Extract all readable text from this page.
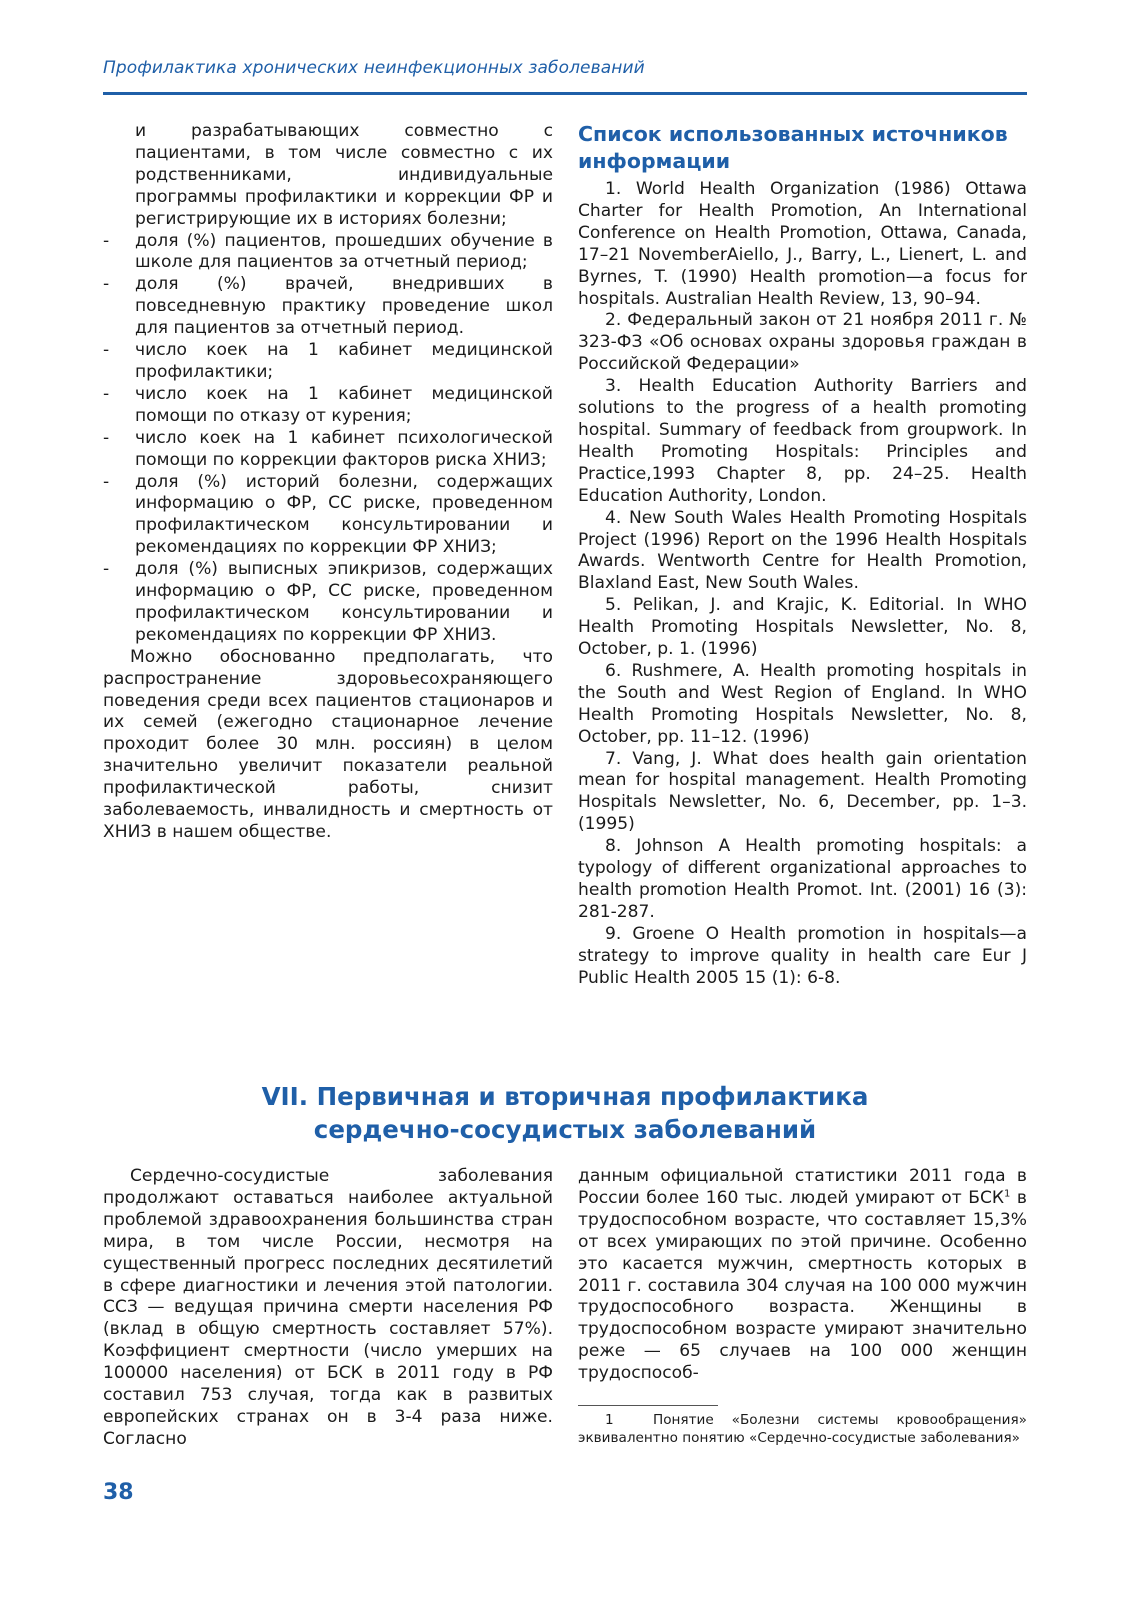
Профилактика хронических неинфекционных заболеваний

и разрабатывающих совместно с пациентами, в том числе совместно с их родственниками, индивидуальные программы профилактики и коррекции ФР и регистрирующие их в историях болезни;

- доля (%) пациентов, прошедших обучение в школе для пациентов за отчетный период;
- доля (%) врачей, внедривших в повседневную практику проведение школ для пациентов за отчетный период.
- число коек на 1 кабинет медицинской профилактики;
- число коек на 1 кабинет медицинской помощи по отказу от курения;
- число коек на 1 кабинет психологической помощи по коррекции факторов риска ХНИЗ;
- доля (%) историй болезни, содержащих информацию о ФР, СС риске, проведенном профилактическом консультировании и рекомендациях по коррекции ФР ХНИЗ;
- доля (%) выписных эпикризов, содержащих информацию о ФР, СС риске, проведенном профилактическом консультировании и рекомендациях по коррекции ФР ХНИЗ.

Можно обоснованно предполагать, что распространение здоровьесохраняющего поведения среди всех пациентов стационаров и их семей (ежегодно стационарное лечение проходит более 30 млн. россиян) в целом значительно увеличит показатели реальной профилактической работы, снизит заболеваемость, инвалидность и смертность от ХНИЗ в нашем обществе.

Список использованных источников информации
1. World Health Organization (1986) Ottawa Charter for Health Promotion, An International Conference on Health Promotion, Ottawa, Canada, 17–21 NovemberAiello, J., Barry, L., Lienert, L. and Byrnes, T. (1990) Health promotion—a focus for hospitals. Australian Health Review, 13, 90–94.
2. Федеральный закон от 21 ноября 2011 г. № 323-ФЗ «Об основах охраны здоровья граждан в Российской Федерации»
3. Health Education Authority Barriers and solutions to the progress of a health promoting hospital. Summary of feedback from groupwork. In Health Promoting Hospitals: Principles and Practice,1993 Chapter 8, pp. 24–25. Health Education Authority, London.
4. New South Wales Health Promoting Hospitals Project (1996) Report on the 1996 Health Hospitals Awards. Wentworth Centre for Health Promotion, Blaxland East, New South Wales.
5. Pelikan, J. and Krajic, K. Editorial. In WHO Health Promoting Hospitals Newsletter, No. 8, October, p. 1. (1996)
6. Rushmere, A. Health promoting hospitals in the South and West Region of England. In WHO Health Promoting Hospitals Newsletter, No. 8, October, pp. 11–12. (1996)
7. Vang, J. What does health gain orientation mean for hospital management. Health Promoting Hospitals Newsletter, No. 6, December, pp. 1–3. (1995)
8. Johnson A Health promoting hospitals: a typology of different organizational approaches to health promotion Health Promot. Int. (2001) 16 (3): 281-287.
9. Groene O Health promotion in hospitals—a strategy to improve quality in health care Eur J Public Health 2005 15 (1): 6-8.
VII. Первичная и вторичная профилактика
сердечно-сосудистых заболеваний

Сердечно-сосудистые заболевания продолжают оставаться наиболее актуальной проблемой здравоохранения большинства стран мира, в том числе России, несмотря на существенный прогресс последних десятилетий в сфере диагностики и лечения этой патологии. ССЗ — ведущая причина смерти населения РФ (вклад в общую смертность составляет 57%). Коэффициент смертности (число умерших на 100000 населения) от БСК в 2011 году в РФ составил 753 случая, тогда как в развитых европейских странах он в 3-4 раза ниже. Согласно

данным официальной статистики 2011 года в России более 160 тыс. людей умирают от БСК$^1$ в трудоспособном возрасте, что составляет 15,3% от всех умирающих по этой причине. Особенно это касается мужчин, смертность которых в 2011 г. составила 304 случая на 100 000 мужчин трудоспособного возраста. Женщины в трудоспособном возрасте умирают значительно реже — 65 случаев на 100 000 женщин трудоспособ-

1	Понятие «Болезни системы кровообращения» эквивалентно понятию «Сердечно-сосудистые заболевания»
38
